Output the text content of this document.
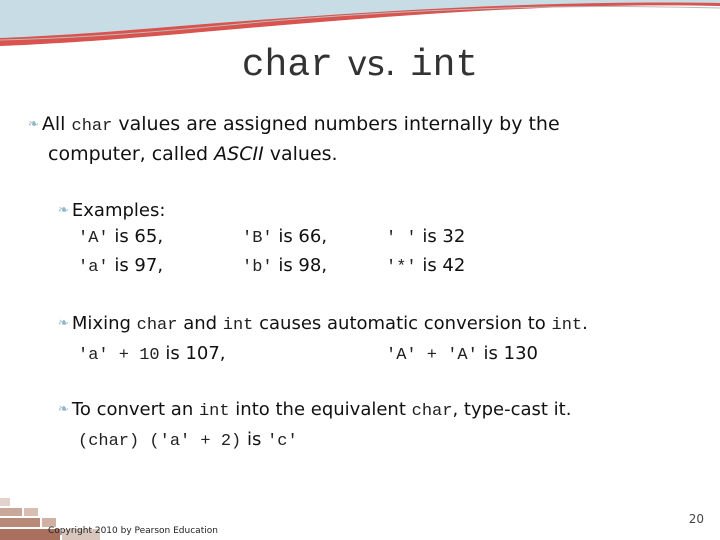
char vs. int
❧ All char values are assigned numbers internally by the
computer, called ASCII values.
❧ Examples:
'A' is 65,	'B' is 66,	' ' is 32
'a' is 97,	'b' is 98,	'*' is 42
❧ Mixing char and int causes automatic conversion to int.
'a' + 10 is 107,	'A' + 'A' is 130
❧ To convert an int into the equivalent char, type-cast it.
(char) ('a' + 2) is 'c'
Copyright 2010 by Pearson Education
20
